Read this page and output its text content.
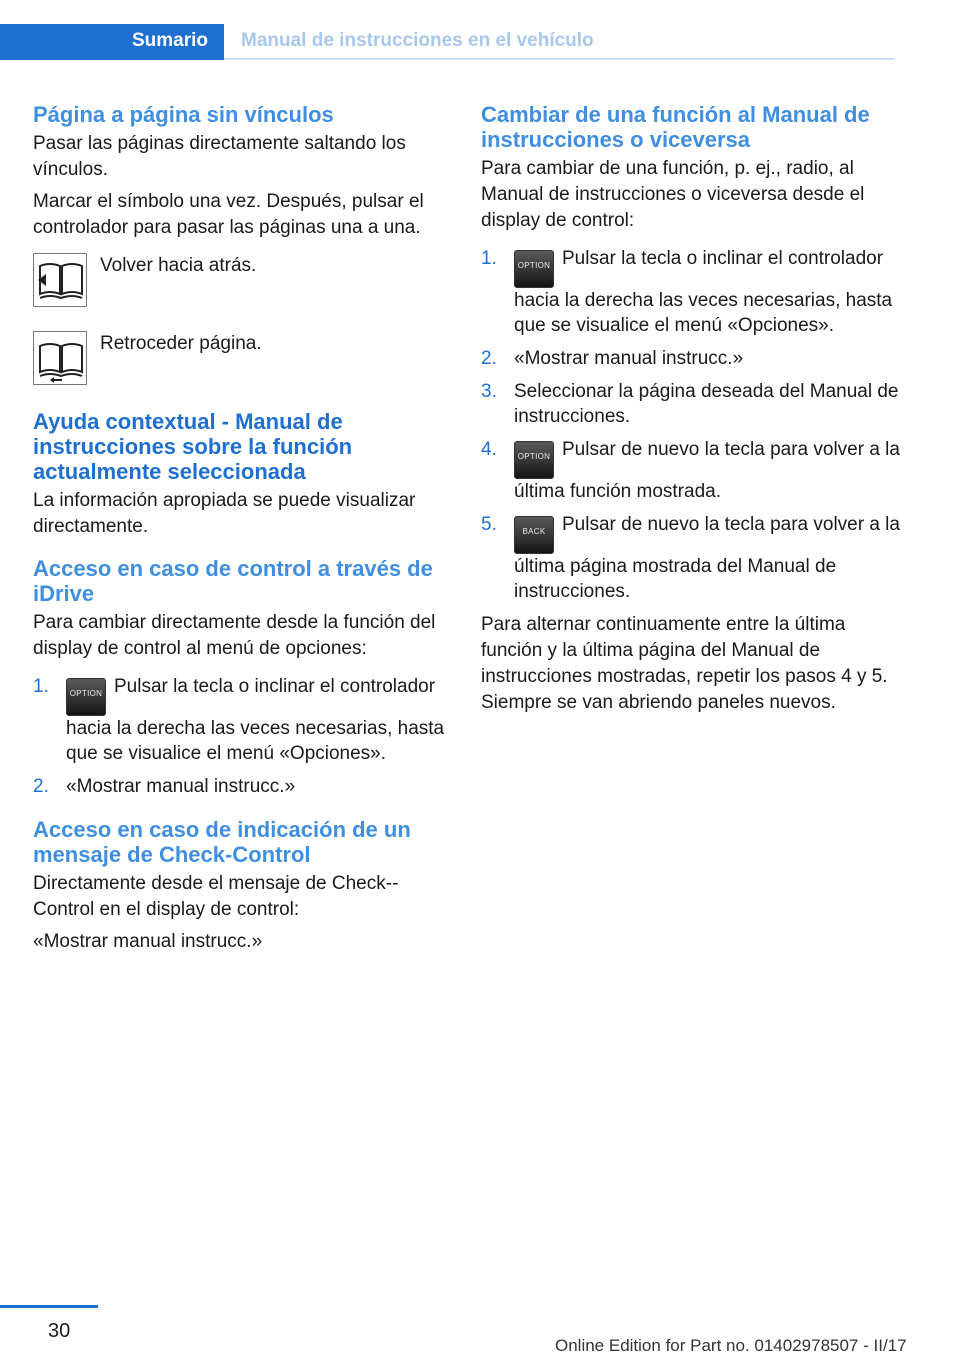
Sumario	Manual de instrucciones en el vehículo
Página a página sin vínculos

Pasar las páginas directamente saltando los vínculos.

Marcar el símbolo una vez. Después, pulsar el controlador para pasar las páginas una a una.

Volver hacia atrás.
Retroceder página.
Ayuda contextual - Manual de instrucciones sobre la función actualmente seleccionada

La información apropiada se puede visualizar directamente.

Acceso en caso de control a través de iDrive

Para cambiar directamente desde la función del display de control al menú de opciones:

1.	OPTION Pulsar la tecla o inclinar el controlador hacia la derecha las veces necesarias, hasta que se visualice el menú «Opciones».
2. «Mostrar manual instrucc.»
Acceso en caso de indicación de un mensaje de Check-Control

Directamente desde el mensaje de Check--Control en el display de control:

«Mostrar manual instrucc.»

Cambiar de una función al Manual de instrucciones o viceversa

Para cambiar de una función, p. ej., radio, al Manual de instrucciones o viceversa desde el display de control:

1.	OPTION Pulsar la tecla o inclinar el controlador hacia la derecha las veces necesarias, hasta que se visualice el menú «Opciones».
2. «Mostrar manual instrucc.»
3. Seleccionar la página deseada del Manual de instrucciones.
4.	OPTION Pulsar de nuevo la tecla para volver a la última función mostrada.
5.	BACK Pulsar de nuevo la tecla para volver a la última página mostrada del Manual de instrucciones.

Para alternar continuamente entre la última función y la última página del Manual de instrucciones mostradas, repetir los pasos 4 y 5. Siempre se van abriendo paneles nuevos.

30
Online Edition for Part no. 01402978507 - II/17
